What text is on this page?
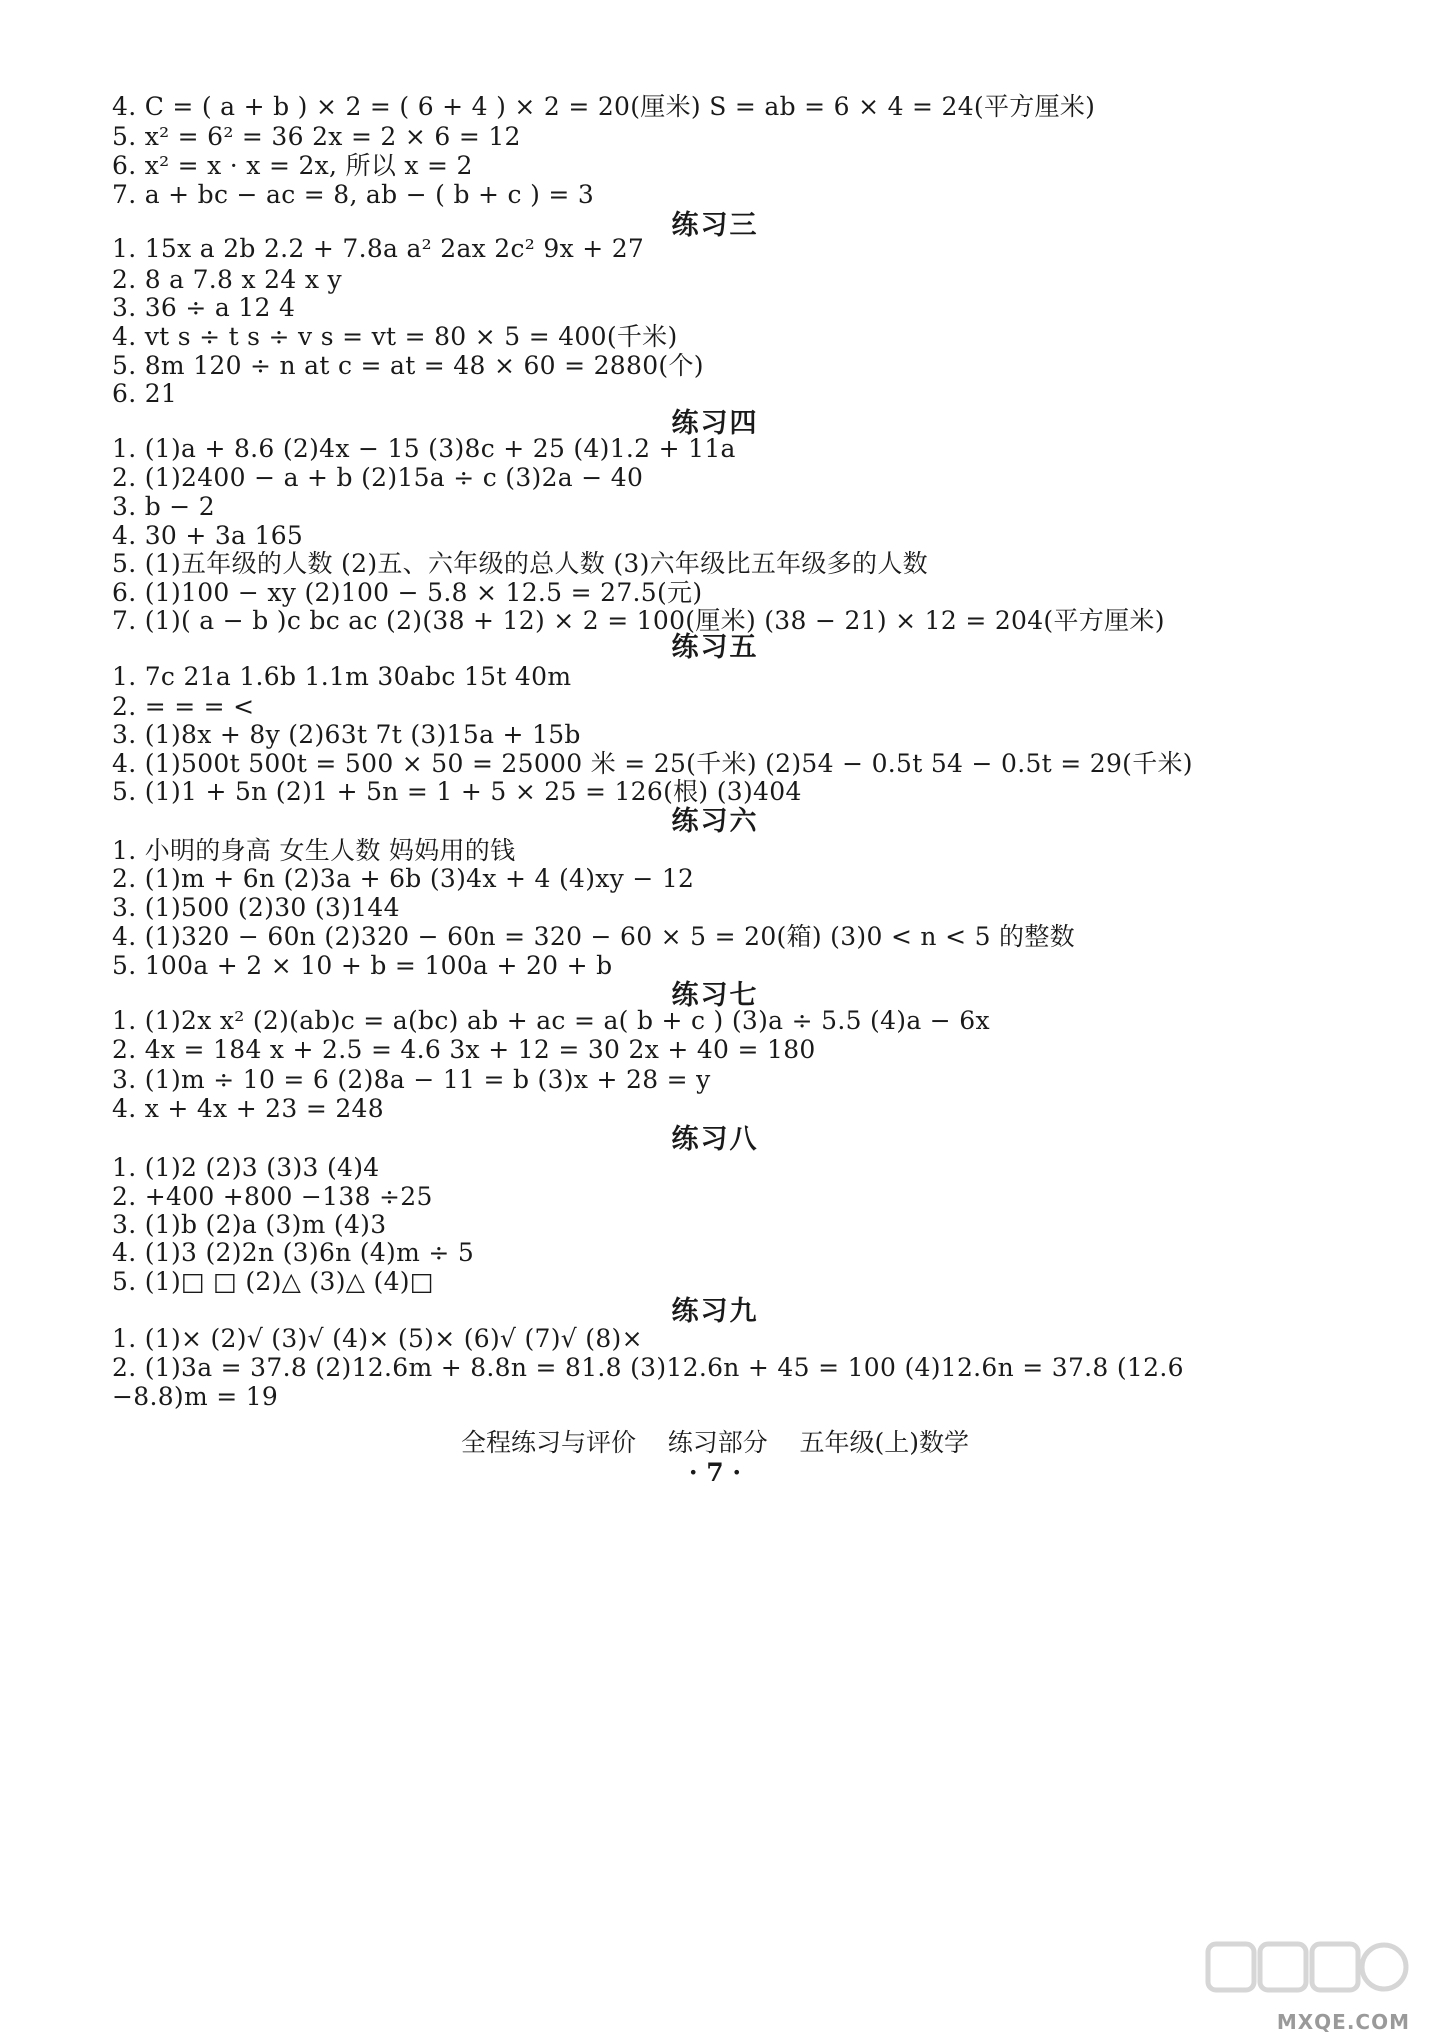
4. C = ( a + b ) × 2 = ( 6 + 4 ) × 2 = 20(厘米) S = ab = 6 × 4 = 24(平方厘米)
5. x² = 6² = 36 2x = 2 × 6 = 12
6. x² = x · x = 2x, 所以 x = 2
7. a + bc − ac = 8, ab − ( b + c ) = 3
练习三
1. 15x a 2b 2.2 + 7.8a a² 2ax 2c² 9x + 27
2. 8 a 7.8 x 24 x y
3. 36 ÷ a 12 4
4. vt s ÷ t s ÷ v s = vt = 80 × 5 = 400(千米)
5. 8m 120 ÷ n at c = at = 48 × 60 = 2880(个)
6. 21
练习四
1. (1)a + 8.6 (2)4x − 15 (3)8c + 25 (4)1.2 + 11a
2. (1)2400 − a + b (2)15a ÷ c (3)2a − 40
3. b − 2
4. 30 + 3a 165
5. (1)五年级的人数 (2)五、六年级的总人数 (3)六年级比五年级多的人数
6. (1)100 − xy (2)100 − 5.8 × 12.5 = 27.5(元)
7. (1)( a − b )c bc ac (2)(38 + 12) × 2 = 100(厘米) (38 − 21) × 12 = 204(平方厘米)
练习五
1. 7c 21a 1.6b 1.1m 30abc 15t 40m
2. = = = <
3. (1)8x + 8y (2)63t 7t (3)15a + 15b
4. (1)500t 500t = 500 × 50 = 25000 米 = 25(千米) (2)54 − 0.5t 54 − 0.5t = 29(千米)
5. (1)1 + 5n (2)1 + 5n = 1 + 5 × 25 = 126(根) (3)404
练习六
1. 小明的身高 女生人数 妈妈用的钱
2. (1)m + 6n (2)3a + 6b (3)4x + 4 (4)xy − 12
3. (1)500 (2)30 (3)144
4. (1)320 − 60n (2)320 − 60n = 320 − 60 × 5 = 20(箱) (3)0 < n < 5 的整数
5. 100a + 2 × 10 + b = 100a + 20 + b
练习七
1. (1)2x x² (2)(ab)c = a(bc) ab + ac = a( b + c ) (3)a ÷ 5.5 (4)a − 6x
2. 4x = 184 x + 2.5 = 4.6 3x + 12 = 30 2x + 40 = 180
3. (1)m ÷ 10 = 6 (2)8a − 11 = b (3)x + 28 = y
4. x + 4x + 23 = 248
练习八
1. (1)2 (2)3 (3)3 (4)4
2. +400 +800 −138 ÷25
3. (1)b (2)a (3)m (4)3
4. (1)3 (2)2n (3)6n (4)m ÷ 5
5. (1)□ □ (2)△ (3)△ (4)□
练习九
1. (1)× (2)√ (3)√ (4)× (5)× (6)√ (7)√ (8)×
2. (1)3a = 37.8 (2)12.6m + 8.8n = 81.8 (3)12.6n + 45 = 100 (4)12.6n = 37.8 (12.6
−8.8)m = 19
全程练习与评价    练习部分    五年级(上)数学
· 7 ·
MXQE.COM
